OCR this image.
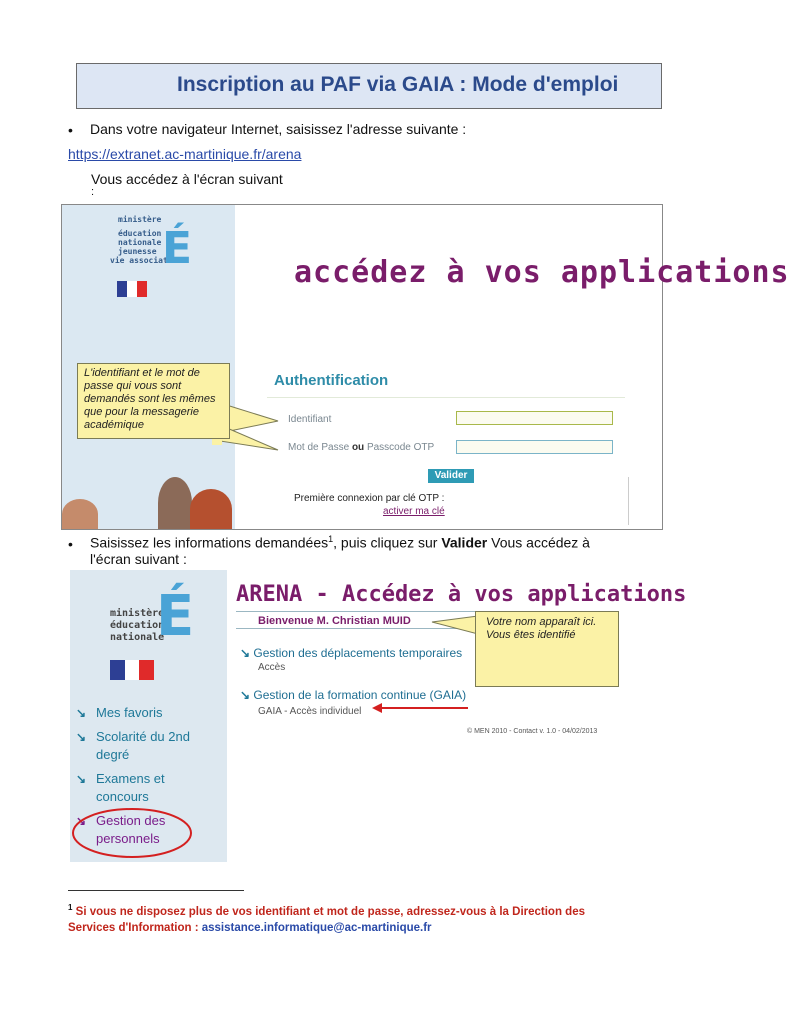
Inscription au PAF via GAIA : Mode d'emploi
• Dans votre navigateur Internet, saisissez l'adresse suivante :
https://extranet.ac-martinique.fr/arena
Vous accédez à l'écran suivant
:
ministère
éducation
nationale
jeunesse
vie associative
É	accédez à vos applications
Authentification
Identifiant
Mot de Passe ou Passcode OTP
Valider
Première connexion par clé OTP :
activer ma clé
L'identifiant et le mot de passe qui vous sont demandés sont les mêmes que pour la messagerie académique
• Saisissez les informations demandées$^1$, puis cliquez sur Valider Vous accédez à
l'écran suivant :
ministère
éducation
nationale
É
↘ Mes favoris
↘ Scolarité du 2nd
degré
↘ Examens et
concours
↘ Gestion des
personnels
ARENA - Accédez à vos applications
Bienvenue M. Christian MUID
↘ Gestion des déplacements temporaires
Accès
↘ Gestion de la formation continue (GAIA)
GAIA - Accès individuel
© MEN 2010 - Contact v. 1.0 - 04/02/2013
Votre nom apparaît ici. Vous êtes identifié
$^1$ Si vous ne disposez plus de vos identifiant et mot de passe, adressez-vous à la Direction des Services d'Information : assistance.informatique@ac-martinique.fr
